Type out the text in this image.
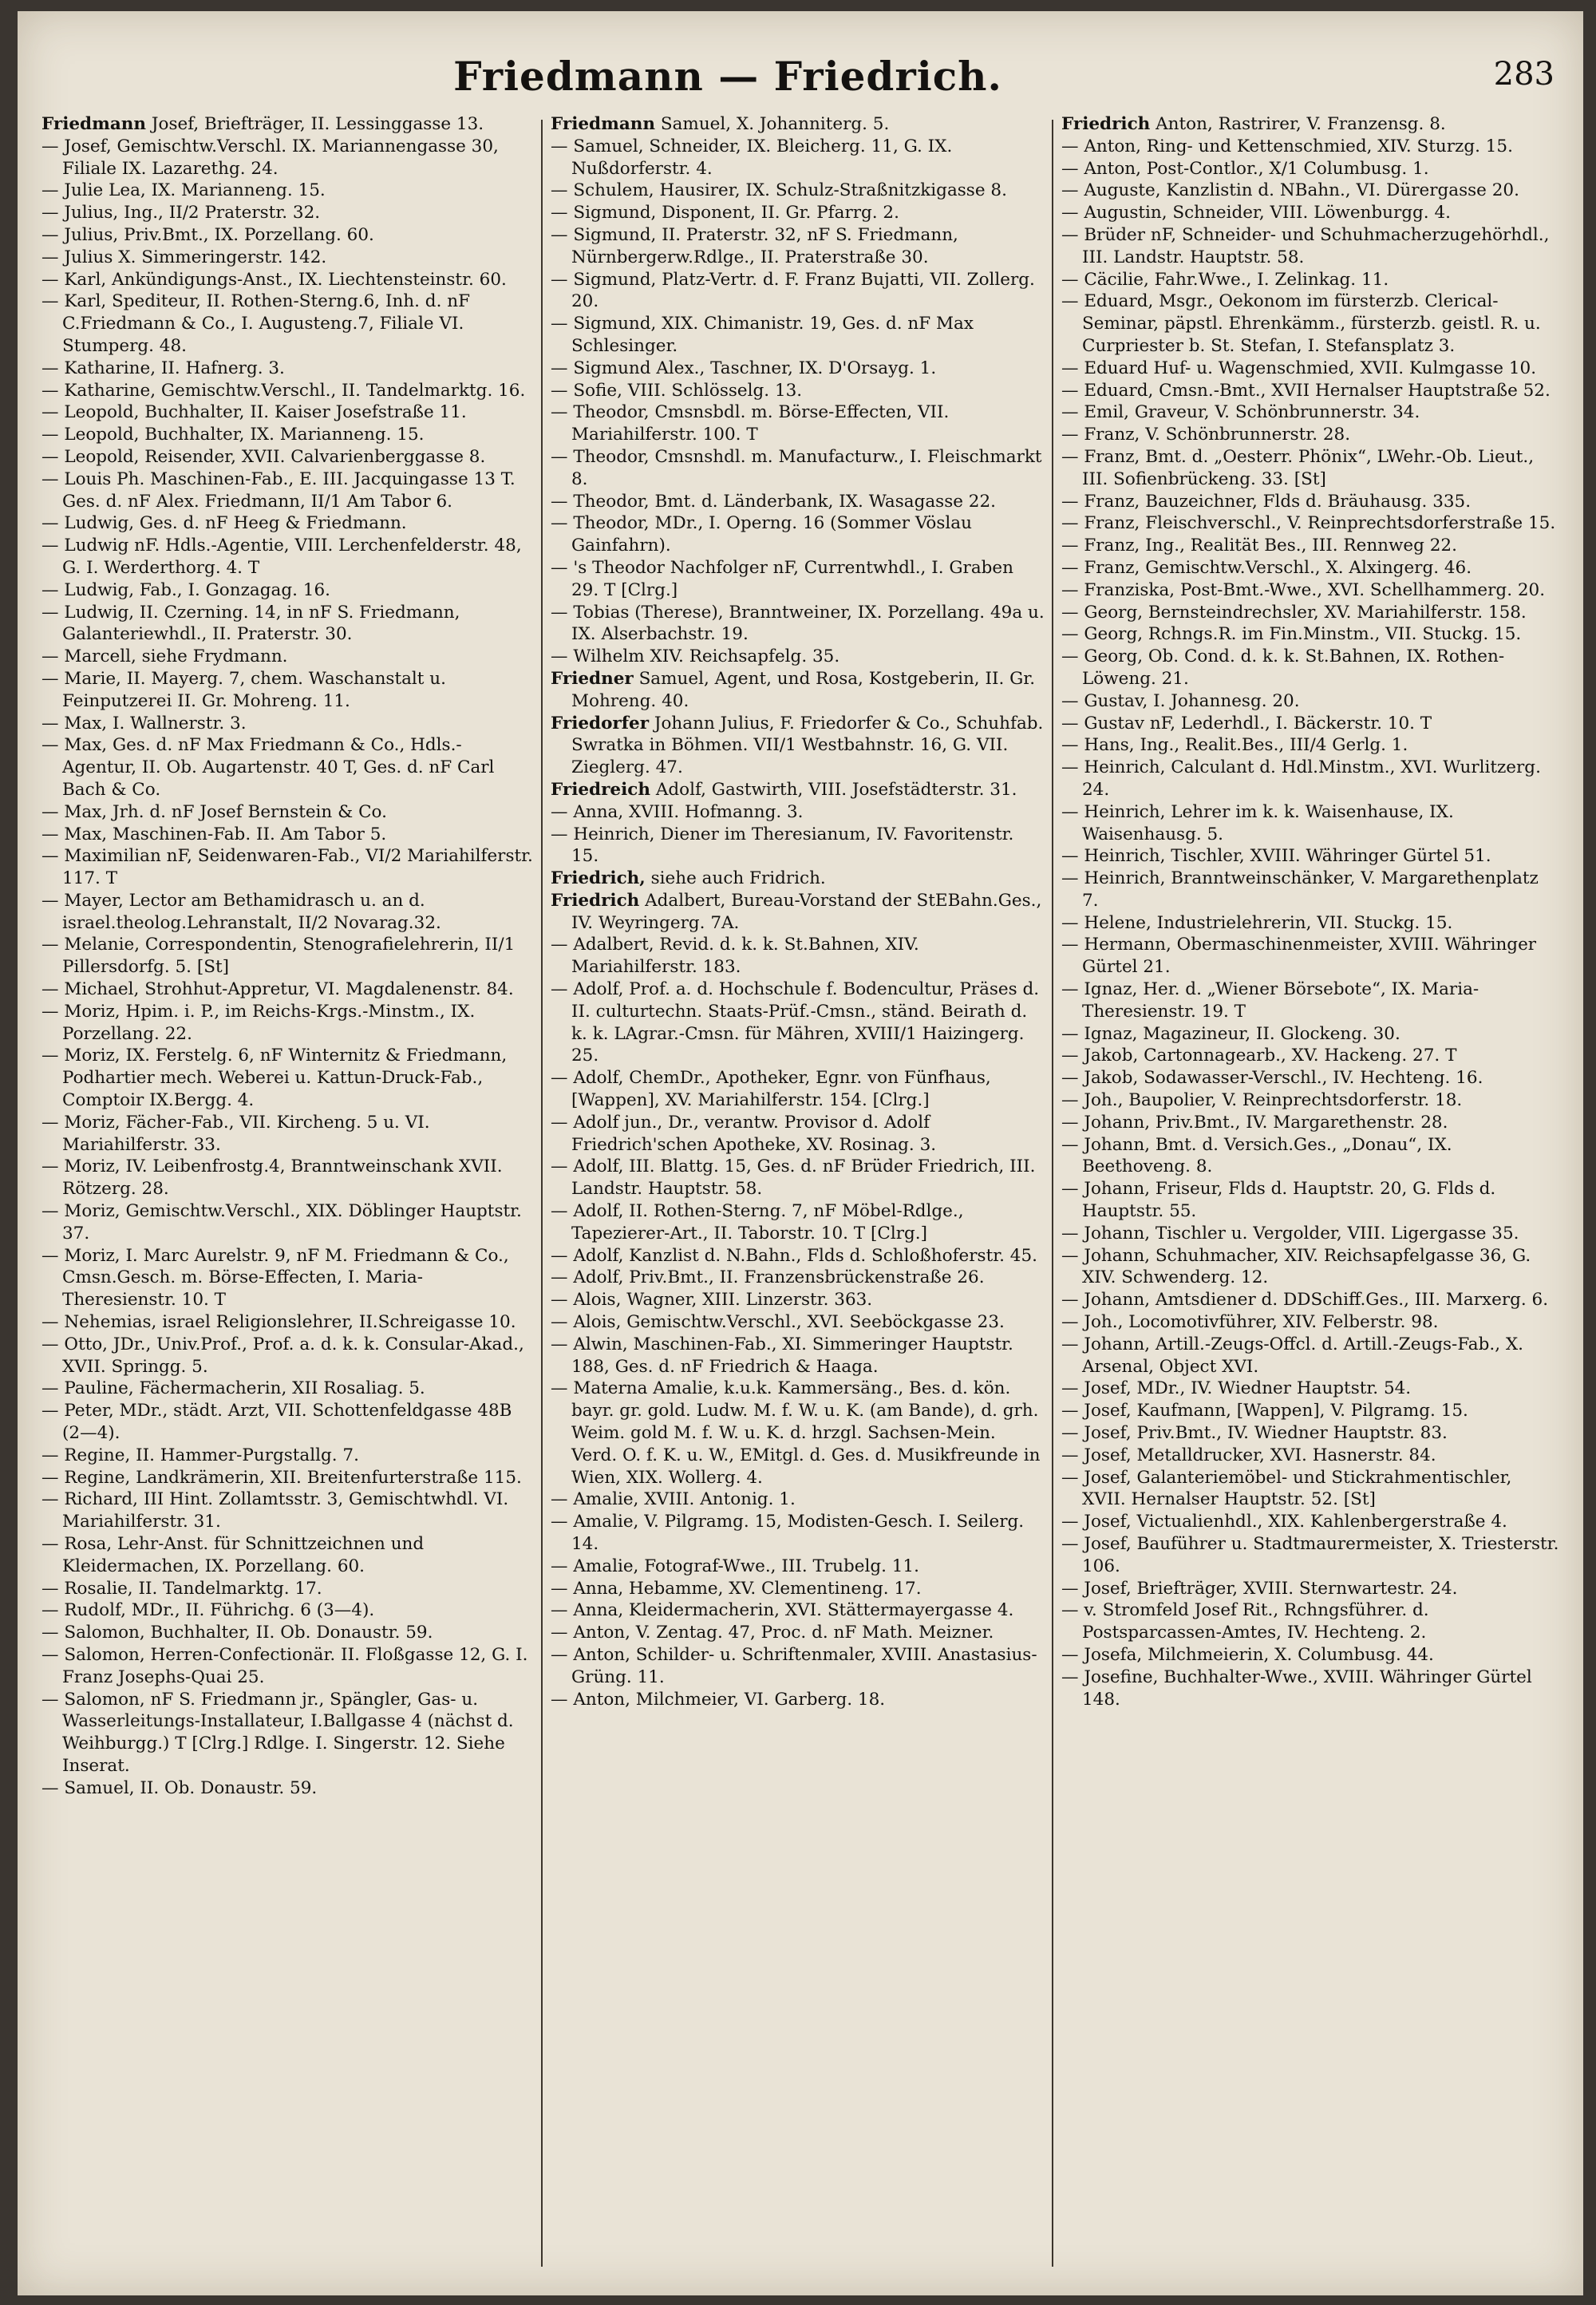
Friedmann — Friedrich.	283

Friedmann Josef, Briefträger, II. Lessinggasse 13.

— Josef, Gemischtw.Verschl. IX. Mariannengasse 30, Filiale IX. Lazarethg. 24.

— Julie Lea, IX. Marianneng. 15.

— Julius, Ing., II/2 Praterstr. 32.

— Julius, Priv.Bmt., IX. Porzellang. 60.

— Julius X. Simmeringerstr. 142.

— Karl, Ankündigungs-Anst., IX. Liechtensteinstr. 60.

— Karl, Spediteur, II. Rothen-Sterng.6, Inh. d. nF C.Friedmann & Co., I. Augusteng.7, Filiale VI. Stumperg. 48.

— Katharine, II. Hafnerg. 3.

— Katharine, Gemischtw.Verschl., II. Tandelmarktg. 16.

— Leopold, Buchhalter, II. Kaiser Josefstraße 11.

— Leopold, Buchhalter, IX. Marianneng. 15.

— Leopold, Reisender, XVII. Calvarienberggasse 8.

— Louis Ph. Maschinen-Fab., E. III. Jacquingasse 13 T. Ges. d. nF Alex. Friedmann, II/1 Am Tabor 6.

— Ludwig, Ges. d. nF Heeg & Friedmann.

— Ludwig nF. Hdls.-Agentie, VIII. Lerchenfelderstr. 48, G. I. Werderthorg. 4. T

— Ludwig, Fab., I. Gonzagag. 16.

— Ludwig, II. Czerning. 14, in nF S. Friedmann, Galanteriewhdl., II. Praterstr. 30.

— Marcell, siehe Frydmann.

— Marie, II. Mayerg. 7, chem. Waschanstalt u. Feinputzerei II. Gr. Mohreng. 11.

— Max, I. Wallnerstr. 3.

— Max, Ges. d. nF Max Friedmann & Co., Hdls.-Agentur, II. Ob. Augartenstr. 40 T, Ges. d. nF Carl Bach & Co.

— Max, Jrh. d. nF Josef Bernstein & Co.

— Max, Maschinen-Fab. II. Am Tabor 5.

— Maximilian nF, Seidenwaren-Fab., VI/2 Mariahilferstr. 117. T

— Mayer, Lector am Bethamidrasch u. an d. israel.theolog.Lehranstalt, II/2 Novarag.32.

— Melanie, Correspondentin, Stenografielehrerin, II/1 Pillersdorfg. 5. [St]

— Michael, Strohhut-Appretur, VI. Magdalenenstr. 84.

— Moriz, Hpim. i. P., im Reichs-Krgs.-Minstm., IX. Porzellang. 22.

— Moriz, IX. Ferstelg. 6, nF Winternitz & Friedmann, Podhartier mech. Weberei u. Kattun-Druck-Fab., Comptoir IX.Bergg. 4.

— Moriz, Fächer-Fab., VII. Kircheng. 5 u. VI. Mariahilferstr. 33.

— Moriz, IV. Leibenfrostg.4, Branntweinschank XVII. Rötzerg. 28.

— Moriz, Gemischtw.Verschl., XIX. Döblinger Hauptstr. 37.

— Moriz, I. Marc Aurelstr. 9, nF M. Friedmann & Co., Cmsn.Gesch. m. Börse-Effecten, I. Maria-Theresienstr. 10. T

— Nehemias, israel Religionslehrer, II.Schreigasse 10.

— Otto, JDr., Univ.Prof., Prof. a. d. k. k. Consular-Akad., XVII. Springg. 5.

— Pauline, Fächermacherin, XII Rosaliag. 5.

— Peter, MDr., städt. Arzt, VII. Schottenfeldgasse 48B (2—4).

— Regine, II. Hammer-Purgstallg. 7.

— Regine, Landkrämerin, XII. Breitenfurterstraße 115.

— Richard, III Hint. Zollamtsstr. 3, Gemischtwhdl. VI. Mariahilferstr. 31.

— Rosa, Lehr-Anst. für Schnittzeichnen und Kleidermachen, IX. Porzellang. 60.

— Rosalie, II. Tandelmarktg. 17.

— Rudolf, MDr., II. Führichg. 6 (3—4).

— Salomon, Buchhalter, II. Ob. Donaustr. 59.

— Salomon, Herren-Confectionär. II. Floßgasse 12, G. I. Franz Josephs-Quai 25.

— Salomon, nF S. Friedmann jr., Spängler, Gas- u. Wasserleitungs-Installateur, I.Ballgasse 4 (nächst d. Weihburgg.) T [Clrg.] Rdlge. I. Singerstr. 12. Siehe Inserat.

— Samuel, II. Ob. Donaustr. 59.

Friedmann Samuel, X. Johanniterg. 5.

— Samuel, Schneider, IX. Bleicherg. 11, G. IX. Nußdorferstr. 4.

— Schulem, Hausirer, IX. Schulz-Straßnitzkigasse 8.

— Sigmund, Disponent, II. Gr. Pfarrg. 2.

— Sigmund, II. Praterstr. 32, nF S. Friedmann, Nürnbergerw.Rdlge., II. Praterstraße 30.

— Sigmund, Platz-Vertr. d. F. Franz Bujatti, VII. Zollerg. 20.

— Sigmund, XIX. Chimanistr. 19, Ges. d. nF Max Schlesinger.

— Sigmund Alex., Taschner, IX. D'Orsayg. 1.

— Sofie, VIII. Schlösselg. 13.

— Theodor, Cmsnsbdl. m. Börse-Effecten, VII. Mariahilferstr. 100. T

— Theodor, Cmsnshdl. m. Manufacturw., I. Fleischmarkt 8.

— Theodor, Bmt. d. Länderbank, IX. Wasagasse 22.

— Theodor, MDr., I. Operng. 16 (Sommer Vöslau Gainfahrn).

— 's Theodor Nachfolger nF, Currentwhdl., I. Graben 29. T [Clrg.]

— Tobias (Therese), Branntweiner, IX. Porzellang. 49a u. IX. Alserbachstr. 19.

— Wilhelm XIV. Reichsapfelg. 35.

Friedner Samuel, Agent, und Rosa, Kostgeberin, II. Gr. Mohreng. 40.

Friedorfer Johann Julius, F. Friedorfer & Co., Schuhfab. Swratka in Böhmen. VII/1 Westbahnstr. 16, G. VII. Zieglerg. 47.

Friedreich Adolf, Gastwirth, VIII. Josefstädterstr. 31.

— Anna, XVIII. Hofmanng. 3.

— Heinrich, Diener im Theresianum, IV. Favoritenstr. 15.

Friedrich, siehe auch Fridrich.

Friedrich Adalbert, Bureau-Vorstand der StEBahn.Ges., IV. Weyringerg. 7A.

— Adalbert, Revid. d. k. k. St.Bahnen, XIV. Mariahilferstr. 183.

— Adolf, Prof. a. d. Hochschule f. Bodencultur, Präses d. II. culturtechn. Staats-Prüf.-Cmsn., ständ. Beirath d. k. k. LAgrar.-Cmsn. für Mähren, XVIII/1 Haizingerg. 25.

— Adolf, ChemDr., Apotheker, Egnr. von Fünfhaus, [Wappen], XV. Mariahilferstr. 154. [Clrg.]

— Adolf jun., Dr., verantw. Provisor d. Adolf Friedrich'schen Apotheke, XV. Rosinag. 3.

— Adolf, III. Blattg. 15, Ges. d. nF Brüder Friedrich, III. Landstr. Hauptstr. 58.

— Adolf, II. Rothen-Sterng. 7, nF Möbel-Rdlge., Tapezierer-Art., II. Taborstr. 10. T [Clrg.]

— Adolf, Kanzlist d. N.Bahn., Flds d. Schloßhoferstr. 45.

— Adolf, Priv.Bmt., II. Franzensbrückenstraße 26.

— Alois, Wagner, XIII. Linzerstr. 363.

— Alois, Gemischtw.Verschl., XVI. Seeböckgasse 23.

— Alwin, Maschinen-Fab., XI. Simmeringer Hauptstr. 188, Ges. d. nF Friedrich & Haaga.

— Materna Amalie, k.u.k. Kammersäng., Bes. d. kön. bayr. gr. gold. Ludw. M. f. W. u. K. (am Bande), d. grh. Weim. gold M. f. W. u. K. d. hrzgl. Sachsen-Mein. Verd. O. f. K. u. W., EMitgl. d. Ges. d. Musikfreunde in Wien, XIX. Wollerg. 4.

— Amalie, XVIII. Antonig. 1.

— Amalie, V. Pilgramg. 15, Modisten-Gesch. I. Seilerg. 14.

— Amalie, Fotograf-Wwe., III. Trubelg. 11.

— Anna, Hebamme, XV. Clementineng. 17.

— Anna, Kleidermacherin, XVI. Stättermayergasse 4.

— Anton, V. Zentag. 47, Proc. d. nF Math. Meizner.

— Anton, Schilder- u. Schriftenmaler, XVIII. Anastasius-Grüng. 11.

— Anton, Milchmeier, VI. Garberg. 18.

Friedrich Anton, Rastrirer, V. Franzensg. 8.

— Anton, Ring- und Kettenschmied, XIV. Sturzg. 15.

— Anton, Post-Contlor., X/1 Columbusg. 1.

— Auguste, Kanzlistin d. NBahn., VI. Dürergasse 20.

— Augustin, Schneider, VIII. Löwenburgg. 4.

— Brüder nF, Schneider- und Schuhmacherzugehörhdl., III. Landstr. Hauptstr. 58.

— Cäcilie, Fahr.Wwe., I. Zelinkag. 11.

— Eduard, Msgr., Oekonom im fürsterzb. Clerical-Seminar, päpstl. Ehrenkämm., fürsterzb. geistl. R. u. Curpriester b. St. Stefan, I. Stefansplatz 3.

— Eduard Huf- u. Wagenschmied, XVII. Kulmgasse 10.

— Eduard, Cmsn.-Bmt., XVII Hernalser Hauptstraße 52.

— Emil, Graveur, V. Schönbrunnerstr. 34.

— Franz, V. Schönbrunnerstr. 28.

— Franz, Bmt. d. „Oesterr. Phönix“, LWehr.-Ob. Lieut., III. Sofienbrückeng. 33. [St]

— Franz, Bauzeichner, Flds d. Bräuhausg. 335.

— Franz, Fleischverschl., V. Reinprechtsdorferstraße 15.

— Franz, Ing., Realität Bes., III. Rennweg 22.

— Franz, Gemischtw.Verschl., X. Alxingerg. 46.

— Franziska, Post-Bmt.-Wwe., XVI. Schellhammerg. 20.

— Georg, Bernsteindrechsler, XV. Mariahilferstr. 158.

— Georg, Rchngs.R. im Fin.Minstm., VII. Stuckg. 15.

— Georg, Ob. Cond. d. k. k. St.Bahnen, IX. Rothen-Löweng. 21.

— Gustav, I. Johannesg. 20.

— Gustav nF, Lederhdl., I. Bäckerstr. 10. T

— Hans, Ing., Realit.Bes., III/4 Gerlg. 1.

— Heinrich, Calculant d. Hdl.Minstm., XVI. Wurlitzerg. 24.

— Heinrich, Lehrer im k. k. Waisenhause, IX. Waisenhausg. 5.

— Heinrich, Tischler, XVIII. Währinger Gürtel 51.

— Heinrich, Branntweinschänker, V. Margarethenplatz 7.

— Helene, Industrielehrerin, VII. Stuckg. 15.

— Hermann, Obermaschinenmeister, XVIII. Währinger Gürtel 21.

— Ignaz, Her. d. „Wiener Börsebote“, IX. Maria-Theresienstr. 19. T

— Ignaz, Magazineur, II. Glockeng. 30.

— Jakob, Cartonnagearb., XV. Hackeng. 27. T

— Jakob, Sodawasser-Verschl., IV. Hechteng. 16.

— Joh., Baupolier, V. Reinprechtsdorferstr. 18.

— Johann, Priv.Bmt., IV. Margarethenstr. 28.

— Johann, Bmt. d. Versich.Ges., „Donau“, IX. Beethoveng. 8.

— Johann, Friseur, Flds d. Hauptstr. 20, G. Flds d. Hauptstr. 55.

— Johann, Tischler u. Vergolder, VIII. Ligergasse 35.

— Johann, Schuhmacher, XIV. Reichsapfelgasse 36, G. XIV. Schwenderg. 12.

— Johann, Amtsdiener d. DDSchiff.Ges., III. Marxerg. 6.

— Joh., Locomotivführer, XIV. Felberstr. 98.

— Johann, Artill.-Zeugs-Offcl. d. Artill.-Zeugs-Fab., X. Arsenal, Object XVI.

— Josef, MDr., IV. Wiedner Hauptstr. 54.

— Josef, Kaufmann, [Wappen], V. Pilgramg. 15.

— Josef, Priv.Bmt., IV. Wiedner Hauptstr. 83.

— Josef, Metalldrucker, XVI. Hasnerstr. 84.

— Josef, Galanteriemöbel- und Stickrahmentischler, XVII. Hernalser Hauptstr. 52. [St]

— Josef, Victualienhdl., XIX. Kahlenbergerstraße 4.

— Josef, Bauführer u. Stadtmaurermeister, X. Triesterstr. 106.

— Josef, Briefträger, XVIII. Sternwartestr. 24.

— v. Stromfeld Josef Rit., Rchngsführer. d. Postsparcassen-Amtes, IV. Hechteng. 2.

— Josefa, Milchmeierin, X. Columbusg. 44.

— Josefine, Buchhalter-Wwe., XVIII. Währinger Gürtel 148.
